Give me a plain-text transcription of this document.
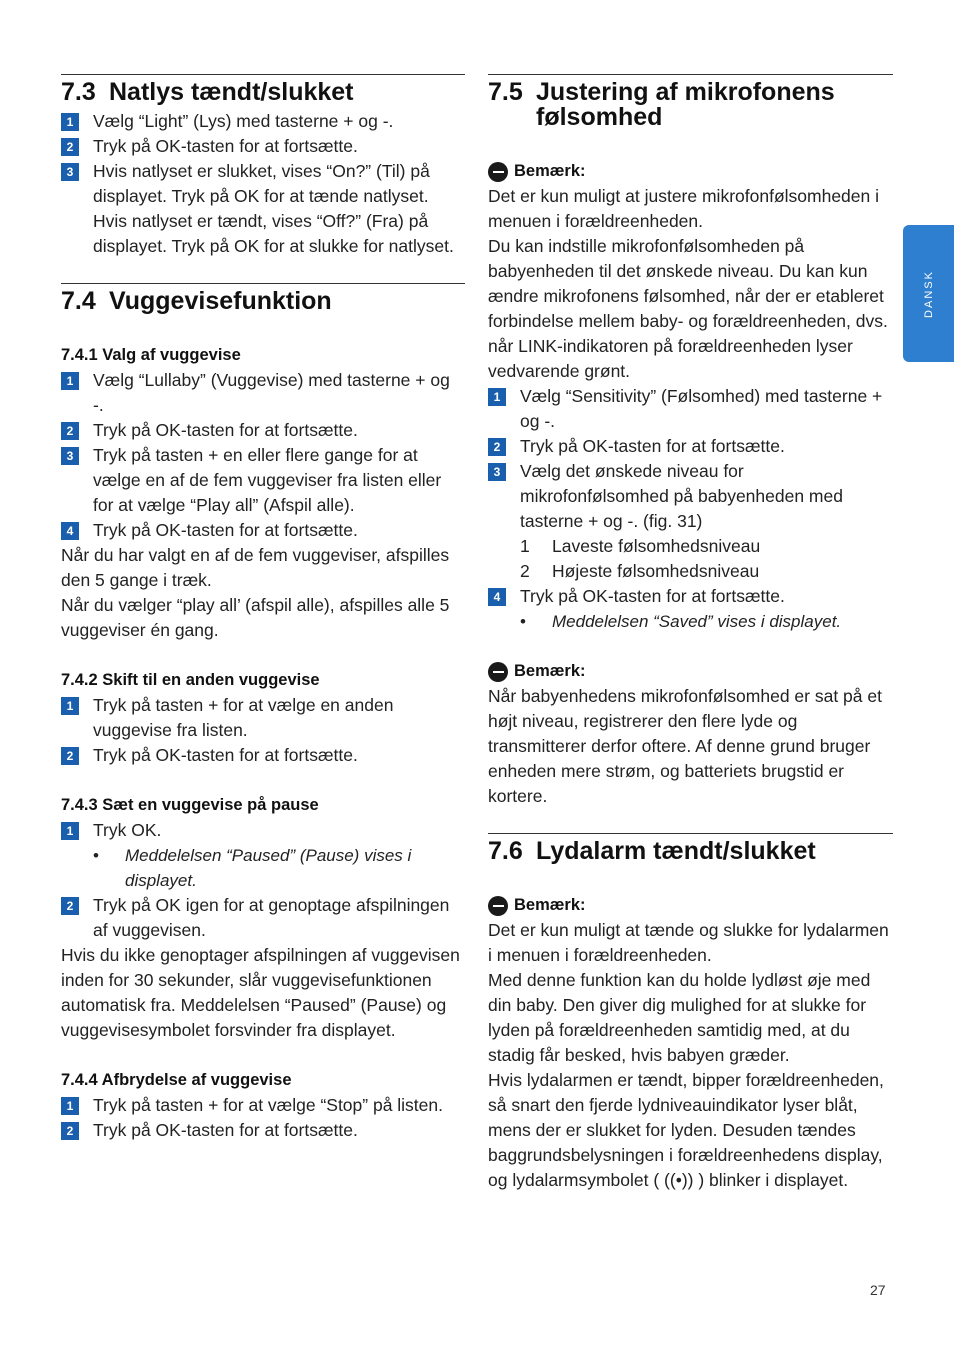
7.3 Natlys tændt/slukket
1	Vælg “Light” (Lys) med tasterne + og -.
2	Tryk på OK-tasten for at fortsætte.
3	Hvis natlyset er slukket, vises “On?” (Til) på displayet. Tryk på OK for at tænde natlyset. Hvis natlyset er tændt, vises “Off?” (Fra) på displayet. Tryk på OK for at slukke for natlyset.
7.4 Vuggevisefunktion
7.4.1 Valg af vuggevise
1	Vælg “Lullaby” (Vuggevise) med tasterne + og -.
2	Tryk på OK-tasten for at fortsætte.
3	Tryk på tasten + en eller flere gange for at vælge en af de fem vuggeviser fra listen eller for at vælge “Play all” (Afspil alle).
4	Tryk på OK-tasten for at fortsætte.

Når du har valgt en af de fem vuggeviser, afspilles den 5 gange i træk.

Når du vælger “play all’ (afspil alle), afspilles alle 5 vuggeviser én gang.

7.4.2 Skift til en anden vuggevise
1	Tryk på tasten + for at vælge en anden vuggevise fra listen.
2	Tryk på OK-tasten for at fortsætte.
7.4.3 Sæt en vuggevise på pause
1	Tryk OK.
• Meddelelsen “Paused” (Pause) vises i displayet.
2	Tryk på OK igen for at genoptage afspilningen af vuggevisen.

Hvis du ikke genoptager afspilningen af vuggevisen inden for 30 sekunder, slår vuggevisefunktionen automatisk fra. Meddelelsen “Paused” (Pause) og vuggevisesymbolet forsvinder fra displayet.

7.4.4 Afbrydelse af vuggevise
1	Tryk på tasten + for at vælge “Stop” på listen.
2	Tryk på OK-tasten for at fortsætte.
7.5 Justering af mikrofonens følsomhed
Bemærk:

Det er kun muligt at justere mikrofonfølsomheden i menuen i forældreenheden.

Du kan indstille mikrofonfølsomheden på babyenheden til det ønskede niveau. Du kan kun ændre mikrofonens følsomhed, når der er etableret forbindelse mellem baby- og forældreenheden, dvs. når LINK-indikatoren på forældreenheden lyser vedvarende grønt.

1	Vælg “Sensitivity” (Følsomhed) med tasterne + og -.
2	Tryk på OK-tasten for at fortsætte.
3	Vælg det ønskede niveau for mikrofonfølsomhed på babyenheden med tasterne + og -. (fig. 31)
1 Laveste følsomhedsniveau
2 Højeste følsomhedsniveau
4	Tryk på OK-tasten for at fortsætte.
• Meddelelsen “Saved” vises i displayet.
Bemærk:

Når babyenhedens mikrofonfølsomhed er sat på et højt niveau, registrerer den flere lyde og transmitterer derfor oftere. Af denne grund bruger enheden mere strøm, og batteriets brugstid er kortere.

7.6 Lydalarm tændt/slukket
Bemærk:

Det er kun muligt at tænde og slukke for lydalarmen i menuen i forældreenheden.

Med denne funktion kan du holde lydløst øje med din baby. Den giver dig mulighed for at slukke for lyden på forældreenheden samtidig med, at du stadig får besked, hvis babyen græder.

Hvis lydalarmen er tændt, bipper forældreenheden, så snart den fjerde lydniveauindikator lyser blåt, mens der er slukket for lyden. Desuden tændes baggrundsbelysningen i forældreenhedens display, og lydalarmsymbolet ( ((•)) ) blinker i displayet.

DANSK
27
